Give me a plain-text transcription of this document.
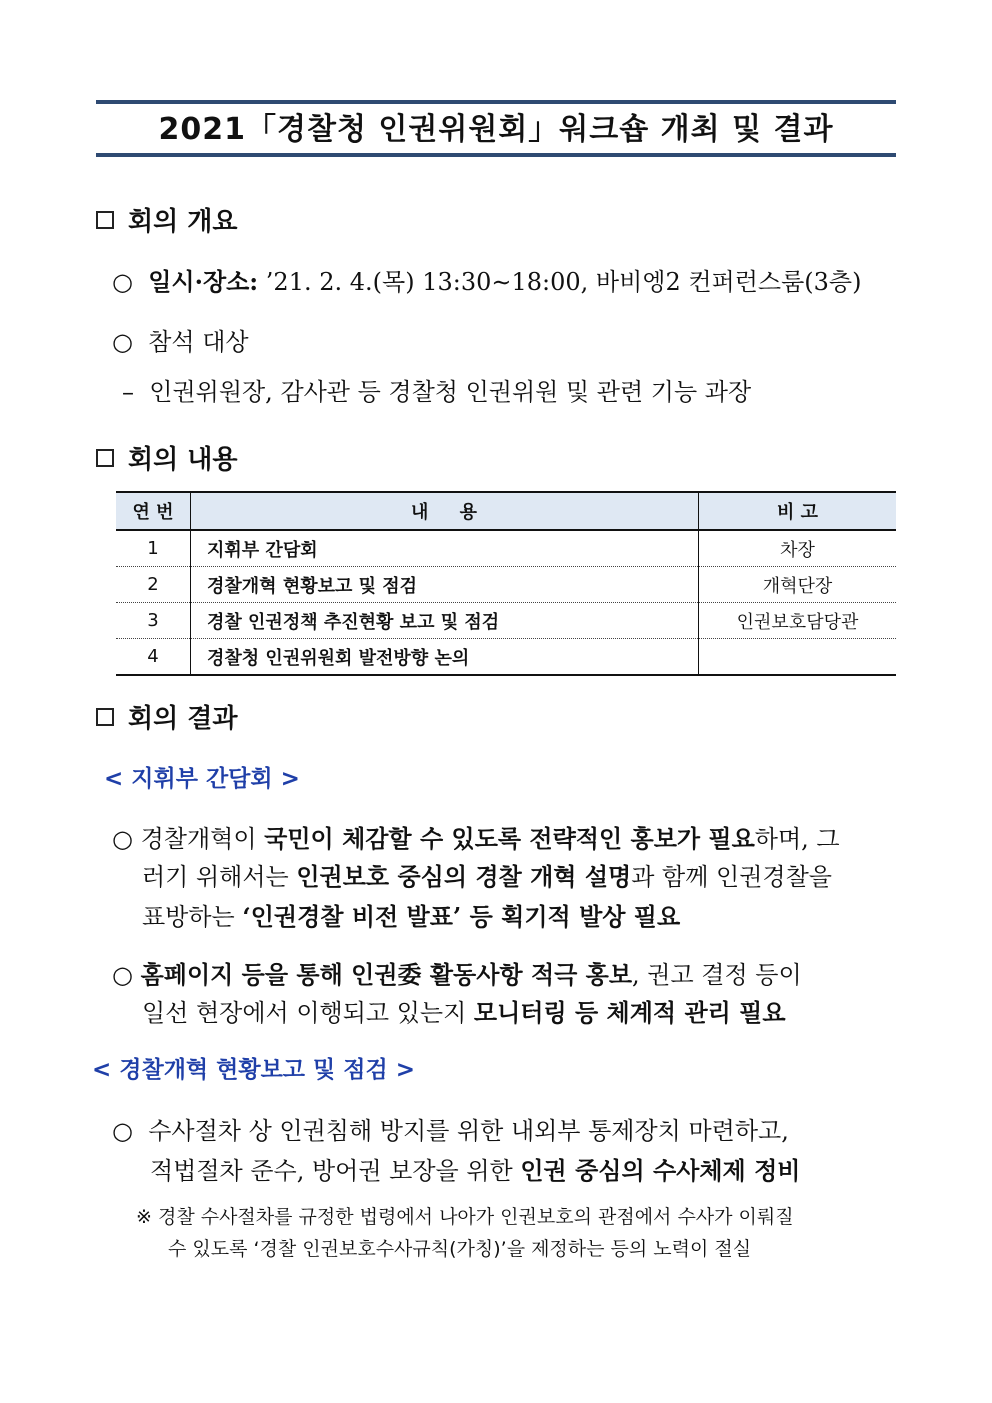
2021「경찰청 인권위원회」워크숍 개최 및 결과
회의 개요
○ 일시·장소: ’21. 2. 4.(목) 13:30∼18:00, 바비엥2 컨퍼런스룸(3층)
○ 참석 대상
– 인권위원장, 감사관 등 경찰청 인권위원 및 관련 기능 과장
회의 내용
연 번	내     용	비 고
1	지휘부 간담회	차장
2	경찰개혁 현황보고 및 점검	개혁단장
3	경찰 인권정책 추진현황 보고 및 점검	인권보호담당관
4	경찰청 인권위원회 발전방향 논의	
회의 결과
< 지휘부 간담회 >
○ 경찰개혁이 국민이 체감할 수 있도록 전략적인 홍보가 필요하며, 그
러기 위해서는 인권보호 중심의 경찰 개혁 설명과 함께 인권경찰을
표방하는 ‘인권경찰 비전 발표’ 등 획기적 발상 필요
○ 홈페이지 등을 통해 인권委 활동사항 적극 홍보, 권고 결정 등이
일선 현장에서 이행되고 있는지 모니터링 등 체계적 관리 필요
< 경찰개혁 현황보고 및 점검 >
○ 수사절차 상 인권침해 방지를 위한 내외부 통제장치 마련하고,
적법절차 준수, 방어권 보장을 위한 인권 중심의 수사체제 정비
※ 경찰 수사절차를 규정한 법령에서 나아가 인권보호의 관점에서 수사가 이뤄질
수 있도록 ‘경찰 인권보호수사규칙(가칭)’을 제정하는 등의 노력이 절실
